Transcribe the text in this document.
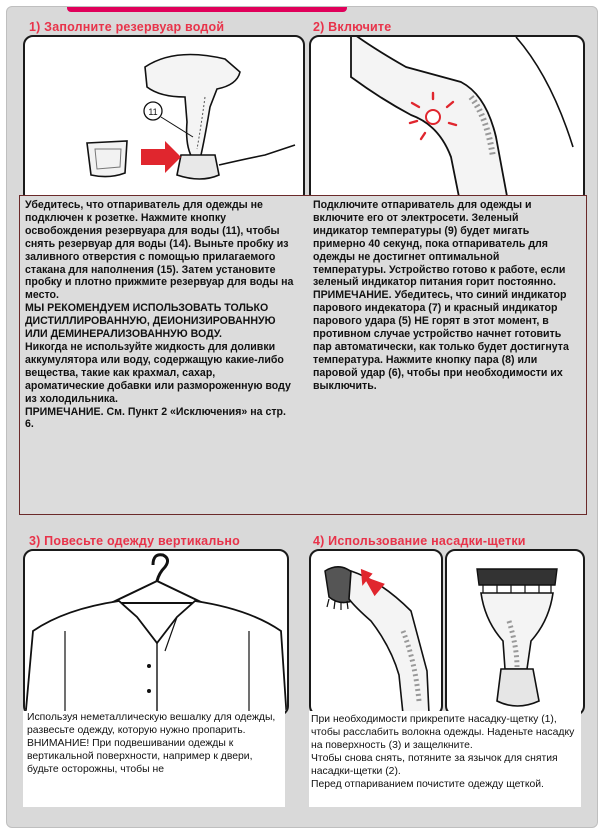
1) Заполните резервуар водой	2) Включите
11

Убедитесь, что отпариватель для одежды не подключен к розетке. Нажмите кнопку освобождения резервуара для воды (11), чтобы снять резервуар для воды (14). Выньте пробку из заливного отверстия с помощью прилагаемого стакана для наполнения (15). Затем установите пробку и плотно прижмите резервуар для воды на место.

МЫ РЕКОМЕНДУЕМ ИСПОЛЬЗОВАТЬ ТОЛЬКО ДИСТИЛЛИРОВАННУЮ, ДЕИОНИЗИРОВАННУЮ ИЛИ ДЕМИНЕРАЛИЗОВАННУЮ ВОДУ.

Никогда не используйте жидкость для доливки аккумулятора или воду, содержащую какие-либо вещества, такие как крахмал, сахар, ароматические добавки или размороженную воду из холодильника.

ПРИМЕЧАНИЕ. См. Пункт 2 «Исключения» на стр. 6.

Подключите отпариватель для одежды и включите его от электросети. Зеленый индикатор температуры (9) будет мигать примерно 40 секунд, пока отпариватель для одежды не достигнет оптимальной температуры. Устройство готово к работе, если зеленый индикатор питания горит постоянно.

ПРИМЕЧАНИЕ. Убедитесь, что синий индикатор парового индекатора (7) и красный индикатор парового удара (5) НЕ горят в этот момент, в противном случае устройство начнет готовить пар автоматически, как только будет достигнута температура. Нажмите кнопку пара (8) или паровой удар (6), чтобы при необходимости их выключить.

3) Повесьте одежду вертикально	4) Использование насадки-щетки

Используя неметаллическую вешалку для одежды, развесьте одежду, которую нужно пропарить.

ВНИМАНИЕ! При подвешивании одежды к вертикальной поверхности, например к двери, будьте осторожны, чтобы не

При необходимости прикрепите насадку-щетку (1), чтобы расслабить волокна одежды. Наденьте насадку на поверхность (3) и защелкните.

Чтобы снова снять, потяните за язычок для снятия насадки-щетки (2).

Перед отпариванием почистите одежду щеткой.
